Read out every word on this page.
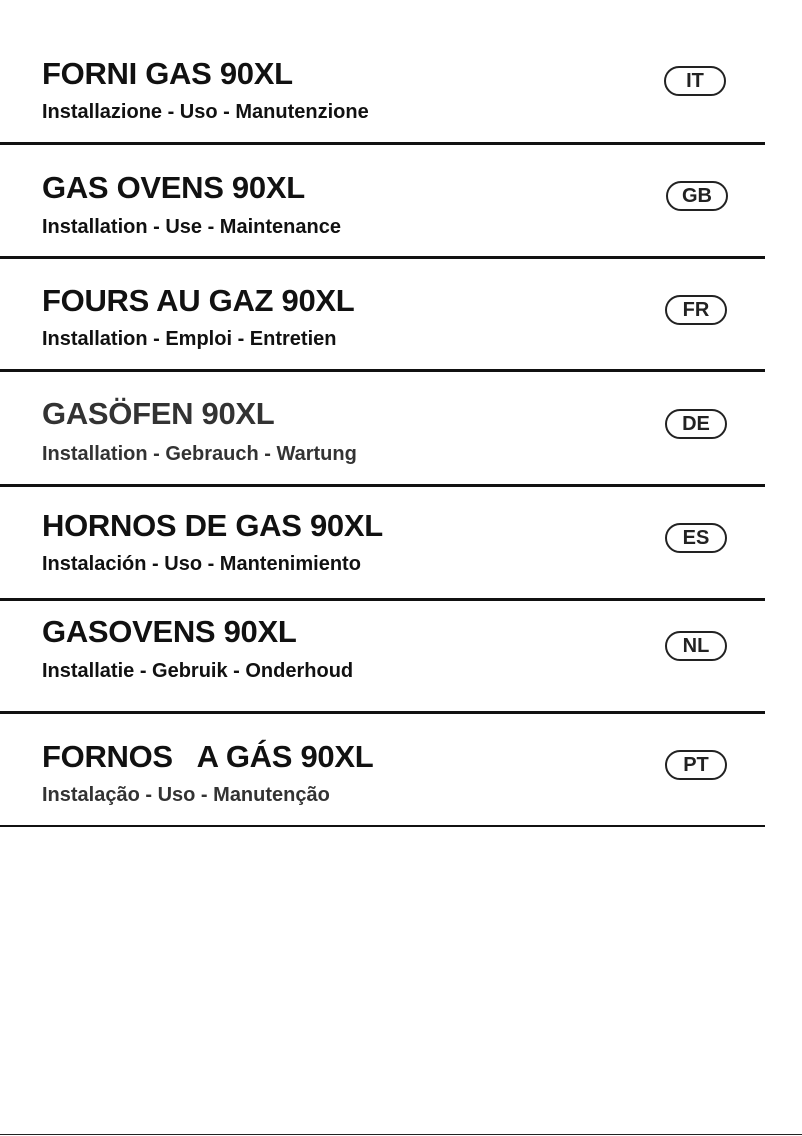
FORNI GAS 90XL
Installazione - Uso - Manutenzione
IT
GAS OVENS 90XL
Installation - Use - Maintenance
GB
FOURS AU GAZ 90XL
Installation - Emploi - Entretien
FR
GASÖFEN 90XL
Installation - Gebrauch - Wartung
DE
HORNOS DE GAS 90XL
Instalación - Uso - Mantenimiento
ES
GASOVENS 90XL
Installatie - Gebruik - Onderhoud
NL
FORNOS   A GÁS 90XL
Instalação - Uso - Manutenção
PT
